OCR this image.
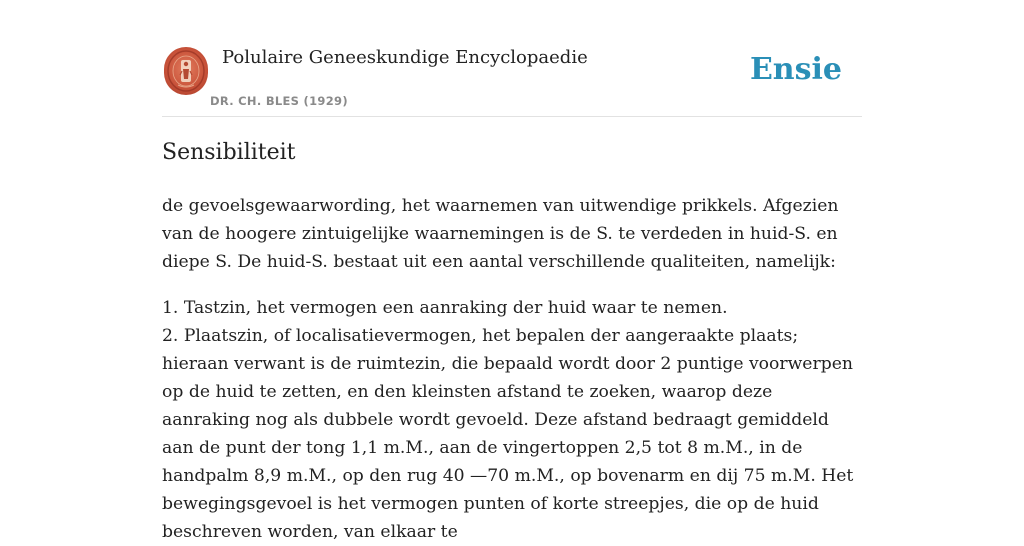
Polulaire Geneeskundige Encyclopaedie
DR. CH. BLES (1929)
Ensie
Sensibiliteit

de gevoelsgewaarwording, het waarnemen van uitwendige prikkels. Afgezien van de hoogere zintuigelijke waarnemingen is de S. te verdeden in huid-S. en diepe S. De huid-S. bestaat uit een aantal verschillende qualiteiten, namelijk:

1. Tastzin, het vermogen een aanraking der huid waar te nemen.
2. Plaatszin, of localisatievermogen, het bepalen der aangeraakte plaats; hieraan verwant is de ruimtezin, die bepaald wordt door 2 puntige voorwerpen op de huid te zetten, en den kleinsten afstand te zoeken, waarop deze aanraking nog als dubbele wordt gevoeld. Deze afstand bedraagt gemiddeld aan de punt der tong 1,1 m.M., aan de vingertoppen 2,5 tot 8 m.M., in de handpalm 8,9 m.M., op den rug 40 —70 m.M., op bovenarm en dij 75 m.M. Het bewegingsgevoel is het vermogen punten of korte streepjes, die op de huid beschreven worden, van elkaar te
